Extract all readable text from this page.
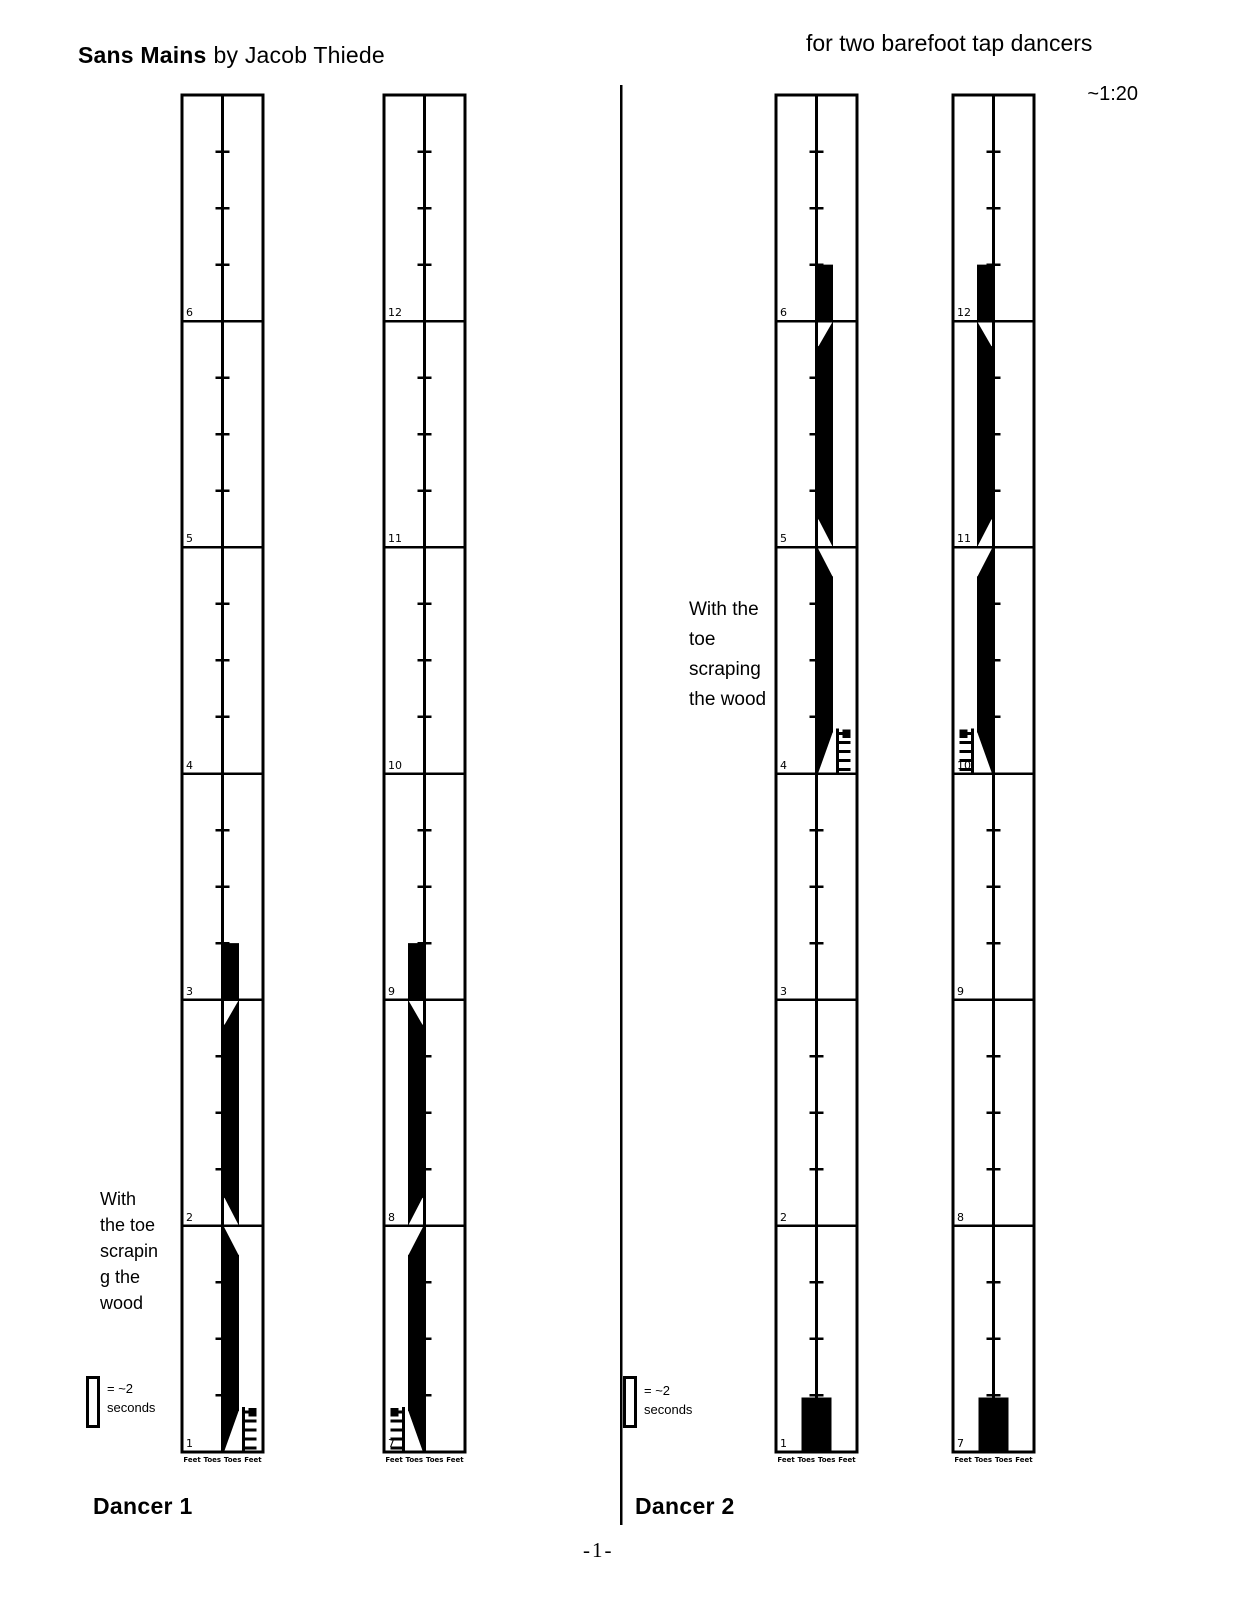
Sans Mains by Jacob Thiede	for two barefoot tap dancers
~1:20
With
the toe
scrapin
g the
wood
With the
toe
scraping
the wood
= ~2
seconds
= ~2
seconds
Dancer 1	Dancer 2
-1-
1
2
3
4
5
6
Feet Toes Toes Feet
7
8
9
10
11
12
Feet Toes Toes Feet
1
2
3
4
5
6
Feet Toes Toes Feet
7
8
9
10
11
12
Feet Toes Toes Feet
